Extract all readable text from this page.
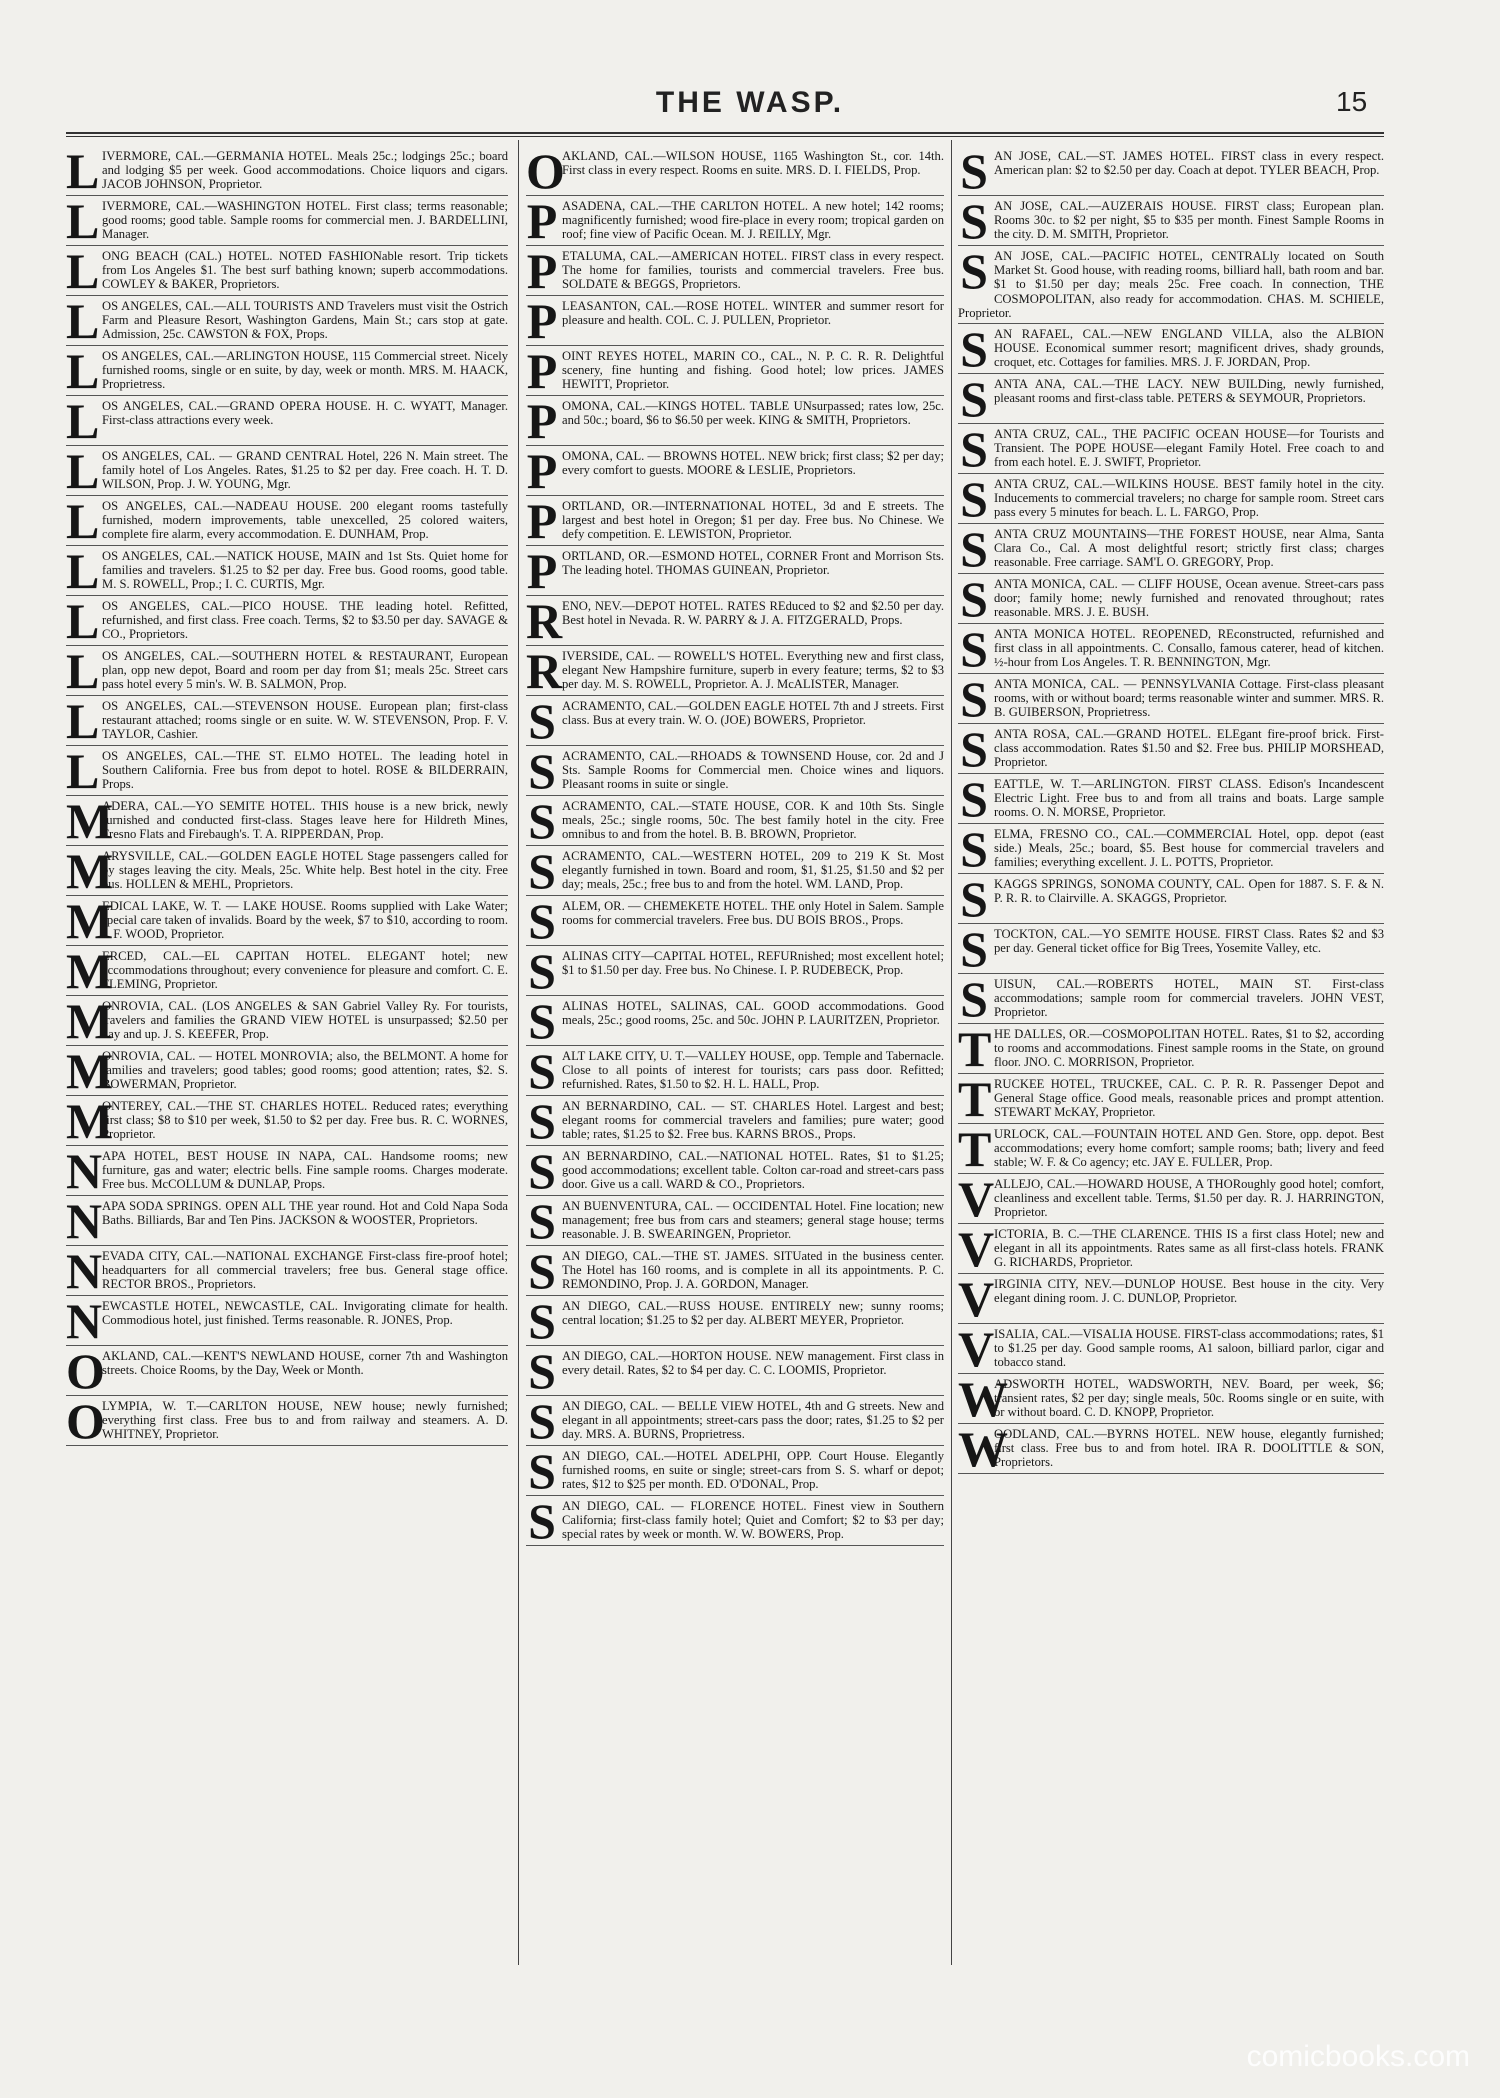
THE WASP.	15
L IVERMORE, CAL.—GERMANIA HOTEL. Meals 25c.; lodgings 25c.; board and lodging $5 per week. Good accommodations. Choice liquors and cigars. JACOB JOHNSON, Proprietor.
L IVERMORE, CAL.—WASHINGTON HOTEL. First class; terms reasonable; good rooms; good table. Sample rooms for commercial men. J. BARDELLINI, Manager.
L ONG BEACH (CAL.) HOTEL. NOTED FASHIONable resort. Trip tickets from Los Angeles $1. The best surf bathing known; superb accommodations. COWLEY & BAKER, Proprietors.
L OS ANGELES, CAL.—ALL TOURISTS AND Travelers must visit the Ostrich Farm and Pleasure Resort, Washington Gardens, Main St.; cars stop at gate. Admission, 25c. CAWSTON & FOX, Props.
L OS ANGELES, CAL.—ARLINGTON HOUSE, 115 Commercial street. Nicely furnished rooms, single or en suite, by day, week or month. MRS. M. HAACK, Proprietress.
L OS ANGELES, CAL.—GRAND OPERA HOUSE. H. C. WYATT, Manager. First-class attractions every week.
L OS ANGELES, CAL. — GRAND CENTRAL Hotel, 226 N. Main street. The family hotel of Los Angeles. Rates, $1.25 to $2 per day. Free coach. H. T. D. WILSON, Prop. J. W. YOUNG, Mgr.
L OS ANGELES, CAL.—NADEAU HOUSE. 200 elegant rooms tastefully furnished, modern improvements, table unexcelled, 25 colored waiters, complete fire alarm, every accommodation. E. DUNHAM, Prop.
L OS ANGELES, CAL.—NATICK HOUSE, MAIN and 1st Sts. Quiet home for families and travelers. $1.25 to $2 per day. Free bus. Good rooms, good table. M. S. ROWELL, Prop.; I. C. CURTIS, Mgr.
L OS ANGELES, CAL.—PICO HOUSE. THE leading hotel. Refitted, refurnished, and first class. Free coach. Terms, $2 to $3.50 per day. SAVAGE & CO., Proprietors.
L OS ANGELES, CAL.—SOUTHERN HOTEL & RESTAURANT, European plan, opp new depot, Board and room per day from $1; meals 25c. Street cars pass hotel every 5 min's. W. B. SALMON, Prop.
L OS ANGELES, CAL.—STEVENSON HOUSE. European plan; first-class restaurant attached; rooms single or en suite. W. W. STEVENSON, Prop. F. V. TAYLOR, Cashier.
L OS ANGELES, CAL.—THE ST. ELMO HOTEL. The leading hotel in Southern California. Free bus from depot to hotel. ROSE & BILDERRAIN, Props.
M
ADERA, CAL.—YO SEMITE HOTEL. THIS house is a new brick, newly furnished and conducted first-class. Stages leave here for Hildreth Mines, Fresno Flats and Firebaugh's. T. A. RIPPERDAN, Prop.
M
ARYSVILLE, CAL.—GOLDEN EAGLE HOTEL Stage passengers called for by stages leaving the city. Meals, 25c. White help. Best hotel in the city. Free bus. HOLLEN & MEHL, Proprietors.
M
EDICAL LAKE, W. T. — LAKE HOUSE. Rooms supplied with Lake Water; special care taken of invalids. Board by the week, $7 to $10, according to room. J. F. WOOD, Proprietor.
M
ERCED, CAL.—EL CAPITAN HOTEL. ELEGANT hotel; new accommodations throughout; every convenience for pleasure and comfort. C. E. FLEMING, Proprietor.
M
ONROVIA, CAL. (LOS ANGELES & SAN Gabriel Valley Ry. For tourists, travelers and families the GRAND VIEW HOTEL is unsurpassed; $2.50 per day and up. J. S. KEEFER, Prop.
M
ONROVIA, CAL. — HOTEL MONROVIA; also, the BELMONT. A home for families and travelers; good tables; good rooms; good attention; rates, $2. S. BOWERMAN, Proprietor.
M
ONTEREY, CAL.—THE ST. CHARLES HOTEL. Reduced rates; everything first class; $8 to $10 per week, $1.50 to $2 per day. Free bus. R. C. WORNES, Proprietor.
N APA HOTEL, BEST HOUSE IN NAPA, CAL. Handsome rooms; new furniture, gas and water; electric bells. Fine sample rooms. Charges moderate. Free bus. McCOLLUM & DUNLAP, Props.
N APA SODA SPRINGS. OPEN ALL THE year round. Hot and Cold Napa Soda Baths. Billiards, Bar and Ten Pins. JACKSON & WOOSTER, Proprietors.
N EVADA CITY, CAL.—NATIONAL EXCHANGE First-class fire-proof hotel; headquarters for all commercial travelers; free bus. General stage office. RECTOR BROS., Proprietors.
N EWCASTLE HOTEL, NEWCASTLE, CAL. Invigorating climate for health. Commodious hotel, just finished. Terms reasonable. R. JONES, Prop.
O
AKLAND, CAL.—KENT'S NEWLAND HOUSE, corner 7th and Washington streets. Choice Rooms, by the Day, Week or Month.
O
LYMPIA, W. T.—CARLTON HOUSE, NEW house; newly furnished; everything first class. Free bus to and from railway and steamers. A. D. WHITNEY, Proprietor.
O
AKLAND, CAL.—WILSON HOUSE, 1165 Washington St., cor. 14th. First class in every respect. Rooms en suite. MRS. D. I. FIELDS, Prop.
P ASADENA, CAL.—THE CARLTON HOTEL. A new hotel; 142 rooms; magnificently furnished; wood fire-place in every room; tropical garden on roof; fine view of Pacific Ocean. M. J. REILLY, Mgr.
P ETALUMA, CAL.—AMERICAN HOTEL. FIRST class in every respect. The home for families, tourists and commercial travelers. Free bus. SOLDATE & BEGGS, Proprietors.
P LEASANTON, CAL.—ROSE HOTEL. WINTER and summer resort for pleasure and health. COL. C. J. PULLEN, Proprietor.
P OINT REYES HOTEL, MARIN CO., CAL., N. P. C. R. R. Delightful scenery, fine hunting and fishing. Good hotel; low prices. JAMES HEWITT, Proprietor.
P OMONA, CAL.—KINGS HOTEL. TABLE UNsurpassed; rates low, 25c. and 50c.; board, $6 to $6.50 per week. KING & SMITH, Proprietors.
P OMONA, CAL. — BROWNS HOTEL. NEW brick; first class; $2 per day; every comfort to guests. MOORE & LESLIE, Proprietors.
P ORTLAND, OR.—INTERNATIONAL HOTEL, 3d and E streets. The largest and best hotel in Oregon; $1 per day. Free bus. No Chinese. We defy competition. E. LEWISTON, Proprietor.
P ORTLAND, OR.—ESMOND HOTEL, CORNER Front and Morrison Sts. The leading hotel. THOMAS GUINEAN, Proprietor.
R ENO, NEV.—DEPOT HOTEL. RATES REduced to $2 and $2.50 per day. Best hotel in Nevada. R. W. PARRY & J. A. FITZGERALD, Props.
R IVERSIDE, CAL. — ROWELL'S HOTEL. Everything new and first class, elegant New Hampshire furniture, superb in every feature; terms, $2 to $3 per day. M. S. ROWELL, Proprietor. A. J. McALISTER, Manager.
S ACRAMENTO, CAL.—GOLDEN EAGLE HOTEL 7th and J streets. First class. Bus at every train. W. O. (JOE) BOWERS, Proprietor.
S ACRAMENTO, CAL.—RHOADS & TOWNSEND House, cor. 2d and J Sts. Sample Rooms for Commercial men. Choice wines and liquors. Pleasant rooms in suite or single.
S ACRAMENTO, CAL.—STATE HOUSE, COR. K and 10th Sts. Single meals, 25c.; single rooms, 50c. The best family hotel in the city. Free omnibus to and from the hotel. B. B. BROWN, Proprietor.
S ACRAMENTO, CAL.—WESTERN HOTEL, 209 to 219 K St. Most elegantly furnished in town. Board and room, $1, $1.25, $1.50 and $2 per day; meals, 25c.; free bus to and from the hotel. WM. LAND, Prop.
S ALEM, OR. — CHEMEKETE HOTEL. THE only Hotel in Salem. Sample rooms for commercial travelers. Free bus. DU BOIS BROS., Props.
S ALINAS CITY—CAPITAL HOTEL, REFURnished; most excellent hotel; $1 to $1.50 per day. Free bus. No Chinese. I. P. RUDEBECK, Prop.
S ALINAS HOTEL, SALINAS, CAL. GOOD accommodations. Good meals, 25c.; good rooms, 25c. and 50c. JOHN P. LAURITZEN, Proprietor.
S ALT LAKE CITY, U. T.—VALLEY HOUSE, opp. Temple and Tabernacle. Close to all points of interest for tourists; cars pass door. Refitted; refurnished. Rates, $1.50 to $2. H. L. HALL, Prop.
S AN BERNARDINO, CAL. — ST. CHARLES Hotel. Largest and best; elegant rooms for commercial travelers and families; pure water; good table; rates, $1.25 to $2. Free bus. KARNS BROS., Props.
S AN BERNARDINO, CAL.—NATIONAL HOTEL. Rates, $1 to $1.25; good accommodations; excellent table. Colton car-road and street-cars pass door. Give us a call. WARD & CO., Proprietors.
S AN BUENVENTURA, CAL. — OCCIDENTAL Hotel. Fine location; new management; free bus from cars and steamers; general stage house; terms reasonable. J. B. SWEARINGEN, Proprietor.
S AN DIEGO, CAL.—THE ST. JAMES. SITUated in the business center. The Hotel has 160 rooms, and is complete in all its appointments. P. C. REMONDINO, Prop. J. A. GORDON, Manager.
S AN DIEGO, CAL.—RUSS HOUSE. ENTIRELY new; sunny rooms; central location; $1.25 to $2 per day. ALBERT MEYER, Proprietor.
S AN DIEGO, CAL.—HORTON HOUSE. NEW management. First class in every detail. Rates, $2 to $4 per day. C. C. LOOMIS, Proprietor.
S AN DIEGO, CAL. — BELLE VIEW HOTEL, 4th and G streets. New and elegant in all appointments; street-cars pass the door; rates, $1.25 to $2 per day. MRS. A. BURNS, Proprietress.
S AN DIEGO, CAL.—HOTEL ADELPHI, OPP. Court House. Elegantly furnished rooms, en suite or single; street-cars from S. S. wharf or depot; rates, $12 to $25 per month. ED. O'DONAL, Prop.
S AN DIEGO, CAL. — FLORENCE HOTEL. Finest view in Southern California; first-class family hotel; Quiet and Comfort; $2 to $3 per day; special rates by week or month. W. W. BOWERS, Prop.
S AN JOSE, CAL.—ST. JAMES HOTEL. FIRST class in every respect. American plan: $2 to $2.50 per day. Coach at depot. TYLER BEACH, Prop.
S AN JOSE, CAL.—AUZERAIS HOUSE. FIRST class; European plan. Rooms 30c. to $2 per night, $5 to $35 per month. Finest Sample Rooms in the city. D. M. SMITH, Proprietor.
S AN JOSE, CAL.—PACIFIC HOTEL, CENTRALly located on South Market St. Good house, with reading rooms, billiard hall, bath room and bar. $1 to $1.50 per day; meals 25c. Free coach. In connection, THE COSMOPOLITAN, also ready for accommodation. CHAS. M. SCHIELE, Proprietor.
S AN RAFAEL, CAL.—NEW ENGLAND VILLA, also the ALBION HOUSE. Economical summer resort; magnificent drives, shady grounds, croquet, etc. Cottages for families. MRS. J. F. JORDAN, Prop.
S ANTA ANA, CAL.—THE LACY. NEW BUILDing, newly furnished, pleasant rooms and first-class table. PETERS & SEYMOUR, Proprietors.
S ANTA CRUZ, CAL., THE PACIFIC OCEAN HOUSE—for Tourists and Transient. The POPE HOUSE—elegant Family Hotel. Free coach to and from each hotel. E. J. SWIFT, Proprietor.
S ANTA CRUZ, CAL.—WILKINS HOUSE. BEST family hotel in the city. Inducements to commercial travelers; no charge for sample room. Street cars pass every 5 minutes for beach. L. L. FARGO, Prop.
S ANTA CRUZ MOUNTAINS—THE FOREST HOUSE, near Alma, Santa Clara Co., Cal. A most delightful resort; strictly first class; charges reasonable. Free carriage. SAM'L O. GREGORY, Prop.
S ANTA MONICA, CAL. — CLIFF HOUSE, Ocean avenue. Street-cars pass door; family home; newly furnished and renovated throughout; rates reasonable. MRS. J. E. BUSH.
S ANTA MONICA HOTEL. REOPENED, REconstructed, refurnished and first class in all appointments. C. Consallo, famous caterer, head of kitchen. ½-hour from Los Angeles. T. R. BENNINGTON, Mgr.
S ANTA MONICA, CAL. — PENNSYLVANIA Cottage. First-class pleasant rooms, with or without board; terms reasonable winter and summer. MRS. R. B. GUIBERSON, Proprietress.
S ANTA ROSA, CAL.—GRAND HOTEL. ELEgant fire-proof brick. First-class accommodation. Rates $1.50 and $2. Free bus. PHILIP MORSHEAD, Proprietor.
S EATTLE, W. T.—ARLINGTON. FIRST CLASS. Edison's Incandescent Electric Light. Free bus to and from all trains and boats. Large sample rooms. O. N. MORSE, Proprietor.
S ELMA, FRESNO CO., CAL.—COMMERCIAL Hotel, opp. depot (east side.) Meals, 25c.; board, $5. Best house for commercial travelers and families; everything excellent. J. L. POTTS, Proprietor.
S KAGGS SPRINGS, SONOMA COUNTY, CAL. Open for 1887. S. F. & N. P. R. R. to Clairville. A. SKAGGS, Proprietor.
S TOCKTON, CAL.—YO SEMITE HOUSE. FIRST Class. Rates $2 and $3 per day. General ticket office for Big Trees, Yosemite Valley, etc.
S UISUN, CAL.—ROBERTS HOTEL, MAIN ST. First-class accommodations; sample room for commercial travelers. JOHN VEST, Proprietor.
T HE DALLES, OR.—COSMOPOLITAN HOTEL. Rates, $1 to $2, according to rooms and accommodations. Finest sample rooms in the State, on ground floor. JNO. C. MORRISON, Proprietor.
T RUCKEE HOTEL, TRUCKEE, CAL. C. P. R. R. Passenger Depot and General Stage office. Good meals, reasonable prices and prompt attention. STEWART McKAY, Proprietor.
T URLOCK, CAL.—FOUNTAIN HOTEL AND Gen. Store, opp. depot. Best accommodations; every home comfort; sample rooms; bath; livery and feed stable; W. F. & Co agency; etc. JAY E. FULLER, Prop.
V ALLEJO, CAL.—HOWARD HOUSE, A THORoughly good hotel; comfort, cleanliness and excellent table. Terms, $1.50 per day. R. J. HARRINGTON, Proprietor.
V ICTORIA, B. C.—THE CLARENCE. THIS IS a first class Hotel; new and elegant in all its appointments. Rates same as all first-class hotels. FRANK G. RICHARDS, Proprietor.
V IRGINIA CITY, NEV.—DUNLOP HOUSE. Best house in the city. Very elegant dining room. J. C. DUNLOP, Proprietor.
V ISALIA, CAL.—VISALIA HOUSE. FIRST-class accommodations; rates, $1 to $1.25 per day. Good sample rooms, A1 saloon, billiard parlor, cigar and tobacco stand.
W
ADSWORTH HOTEL, WADSWORTH, NEV. Board, per week, $6; transient rates, $2 per day; single meals, 50c. Rooms single or en suite, with or without board. C. D. KNOPP, Proprietor.
W
OODLAND, CAL.—BYRNS HOTEL. NEW house, elegantly furnished; first class. Free bus to and from hotel. IRA R. DOOLITTLE & SON, Proprietors.
comicbooks.com
